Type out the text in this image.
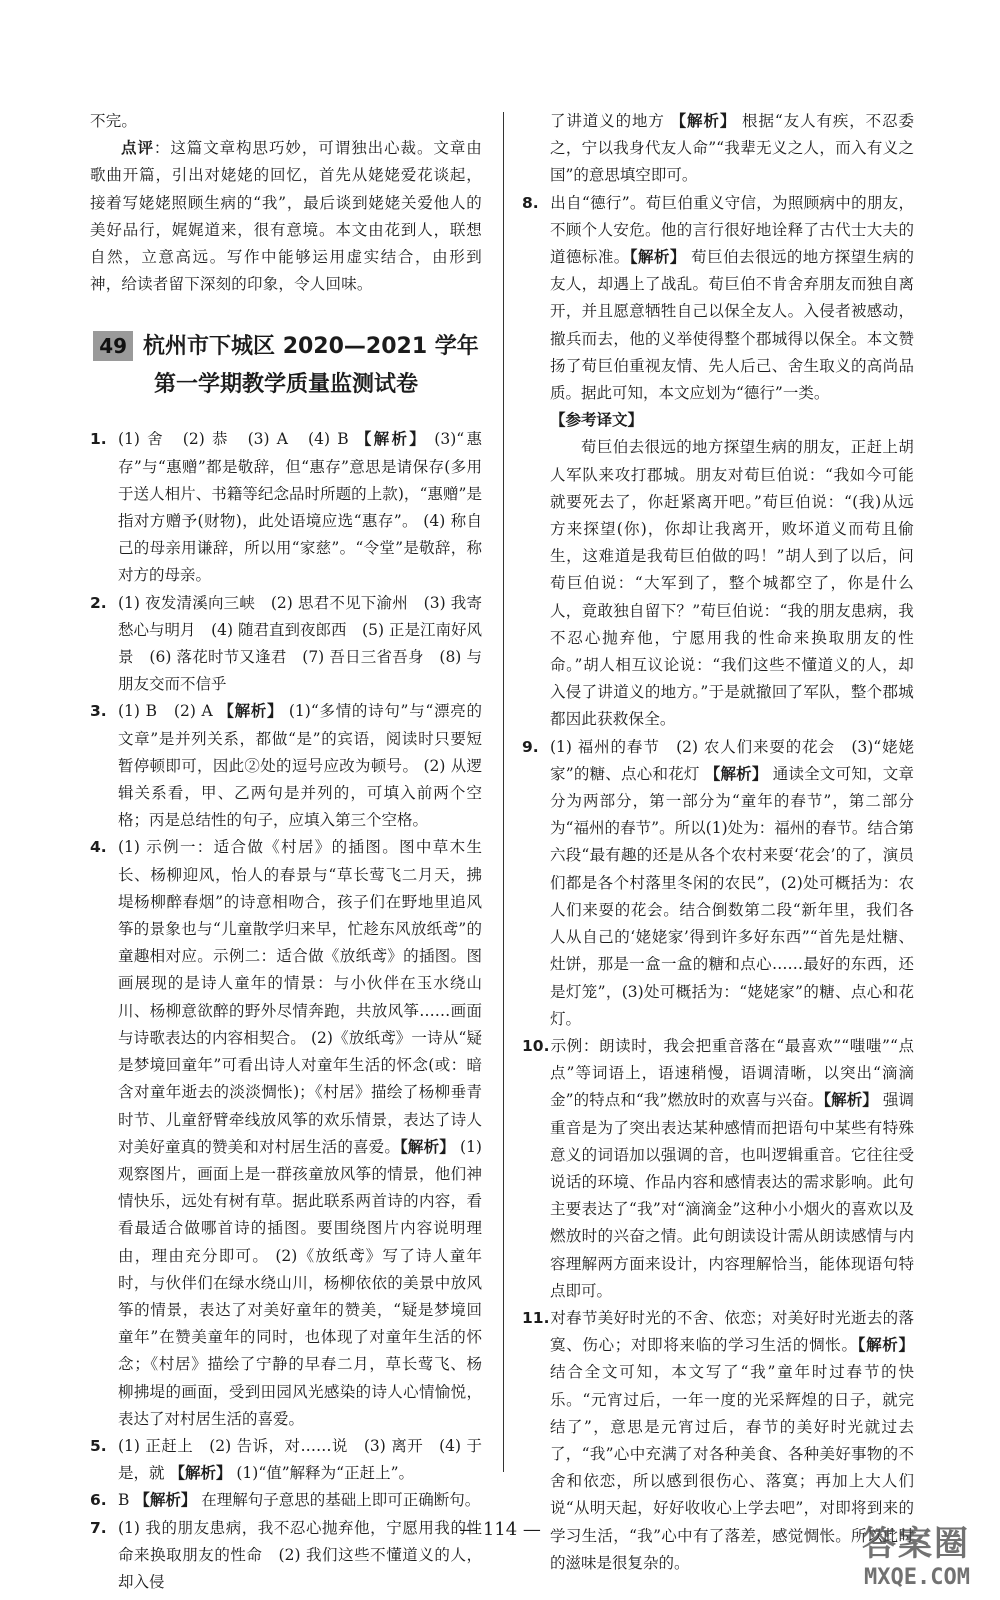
不完。

点评：这篇文章构思巧妙，可谓独出心裁。文章由歌曲开篇，引出对姥姥的回忆，首先从姥姥爱花谈起，接着写姥姥照顾生病的“我”，最后谈到姥姥关爱他人的美好品行，娓娓道来，很有意境。本文由花到人，联想自然，立意高远。写作中能够运用虚实结合，由形到神，给读者留下深刻的印象，令人回味。

49 杭州市下城区 2020—2021 学年
第一学期教学质量监测试卷
1. (1) 舍　(2) 恭　(3) A　(4) B 【解析】 (3)“惠存”与“惠赠”都是敬辞，但“惠存”意思是请保存(多用于送人相片、书籍等纪念品时所题的上款)，“惠赠”是指对方赠予(财物)，此处语境应选“惠存”。 (4) 称自己的母亲用谦辞，所以用“家慈”。“令堂”是敬辞，称对方的母亲。
2. (1) 夜发清溪向三峡　(2) 思君不见下渝州　(3) 我寄愁心与明月　(4) 随君直到夜郎西　(5) 正是江南好风景　(6) 落花时节又逢君　(7) 吾日三省吾身　(8) 与朋友交而不信乎
3. (1) B　(2) A 【解析】 (1)“多情的诗句”与“漂亮的文章”是并列关系，都做“是”的宾语，阅读时只要短暂停顿即可，因此②处的逗号应改为顿号。 (2) 从逻辑关系看，甲、乙两句是并列的，可填入前两个空格；丙是总结性的句子，应填入第三个空格。
4. (1) 示例一：适合做《村居》的插图。图中草木生长、杨柳迎风，怡人的春景与“草长莺飞二月天，拂堤杨柳醉春烟”的诗意相吻合，孩子们在野地里追风筝的景象也与“儿童散学归来早，忙趁东风放纸鸢”的童趣相对应。示例二：适合做《放纸鸢》的插图。图画展现的是诗人童年的情景：与小伙伴在玉水绕山川、杨柳意欲醉的野外尽情奔跑，共放风筝……画面与诗歌表达的内容相契合。 (2)《放纸鸢》一诗从“疑是梦境回童年”可看出诗人对童年生活的怀念(或：暗含对童年逝去的淡淡惆怅)；《村居》描绘了杨柳垂青时节、儿童舒臂牵线放风筝的欢乐情景，表达了诗人对美好童真的赞美和对村居生活的喜爱。【解析】 (1) 观察图片，画面上是一群孩童放风筝的情景，他们神情快乐，远处有树有草。据此联系两首诗的内容，看看最适合做哪首诗的插图。要围绕图片内容说明理由，理由充分即可。 (2)《放纸鸢》写了诗人童年时，与伙伴们在绿水绕山川，杨柳依依的美景中放风筝的情景，表达了对美好童年的赞美，“疑是梦境回童年”在赞美童年的同时，也体现了对童年生活的怀念；《村居》描绘了宁静的早春二月，草长莺飞、杨柳拂堤的画面，受到田园风光感染的诗人心情愉悦，表达了对村居生活的喜爱。
5. (1) 正赶上　(2) 告诉，对……说　(3) 离开　(4) 于是，就 【解析】 (1)“值”解释为“正赶上”。
6. B 【解析】 在理解句子意思的基础上即可正确断句。
7. (1) 我的朋友患病，我不忍心抛弃他，宁愿用我的性命来换取朋友的性命　(2) 我们这些不懂道义的人，却入侵
了讲道义的地方 【解析】 根据“友人有疾，不忍委之，宁以我身代友人命”“我辈无义之人，而入有义之国”的意思填空即可。
8. 出自“德行”。荀巨伯重义守信，为照顾病中的朋友，不顾个人安危。他的言行很好地诠释了古代士大夫的道德标准。【解析】 荀巨伯去很远的地方探望生病的友人，却遇上了战乱。荀巨伯不肯舍弃朋友而独自离开，并且愿意牺牲自己以保全友人。入侵者被感动，撤兵而去，他的义举使得整个郡城得以保全。本文赞扬了荀巨伯重视友情、先人后己、舍生取义的高尚品质。据此可知，本文应划为“德行”一类。
【参考译文】

荀巨伯去很远的地方探望生病的朋友，正赶上胡人军队来攻打郡城。朋友对荀巨伯说：“我如今可能就要死去了，你赶紧离开吧。”荀巨伯说：“(我)从远方来探望(你)，你却让我离开，败坏道义而苟且偷生，这难道是我荀巨伯做的吗！”胡人到了以后，问荀巨伯说：“大军到了，整个城都空了，你是什么人，竟敢独自留下？”荀巨伯说：“我的朋友患病，我不忍心抛弃他，宁愿用我的性命来换取朋友的性命。”胡人相互议论说：“我们这些不懂道义的人，却入侵了讲道义的地方。”于是就撤回了军队，整个郡城都因此获救保全。

9. (1) 福州的春节　(2) 农人们来耍的花会　(3)“姥姥家”的糖、点心和花灯 【解析】 通读全文可知，文章分为两部分，第一部分为“童年的春节”，第二部分为“福州的春节”。所以(1)处为：福州的春节。结合第六段“最有趣的还是从各个农村来耍‘花会’的了，演员们都是各个村落里冬闲的农民”，(2)处可概括为：农人们来耍的花会。结合倒数第二段“新年里，我们各人从自己的‘姥姥家’得到许多好东西”“首先是灶糖、灶饼，那是一盒一盒的糖和点心……最好的东西，还是灯笼”，(3)处可概括为：“姥姥家”的糖、点心和花灯。
10.示例：朗读时，我会把重音落在“最喜欢”“嗤嗤”“点点”等词语上，语速稍慢，语调清晰，以突出“滴滴金”的特点和“我”燃放时的欢喜与兴奋。【解析】 强调重音是为了突出表达某种感情而把语句中某些有特殊意义的词语加以强调的音，也叫逻辑重音。它往往受说话的环境、作品内容和感情表达的需求影响。此句主要表达了“我”对“滴滴金”这种小小烟火的喜欢以及燃放时的兴奋之情。此句朗读设计需从朗读感情与内容理解两方面来设计，内容理解恰当，能体现语句特点即可。
11.对春节美好时光的不舍、依恋；对美好时光逝去的落寞、伤心；对即将来临的学习生活的惆怅。【解析】 结合全文可知，本文写了“我”童年时过春节的快乐。“元宵过后，一年一度的光采辉煌的日子，就完结了”，意思是元宵过后，春节的美好时光就过去了，“我”心中充满了对各种美食、各种美好事物的不舍和依恋，所以感到很伤心、落寞；再加上大人们说“从明天起，好好收收心上学去吧”，对即将到来的学习生活，“我”心中有了落差，感觉惆怅。所以此时的滋味是很复杂的。
— 114 —	答案圈
MXQE.COM
